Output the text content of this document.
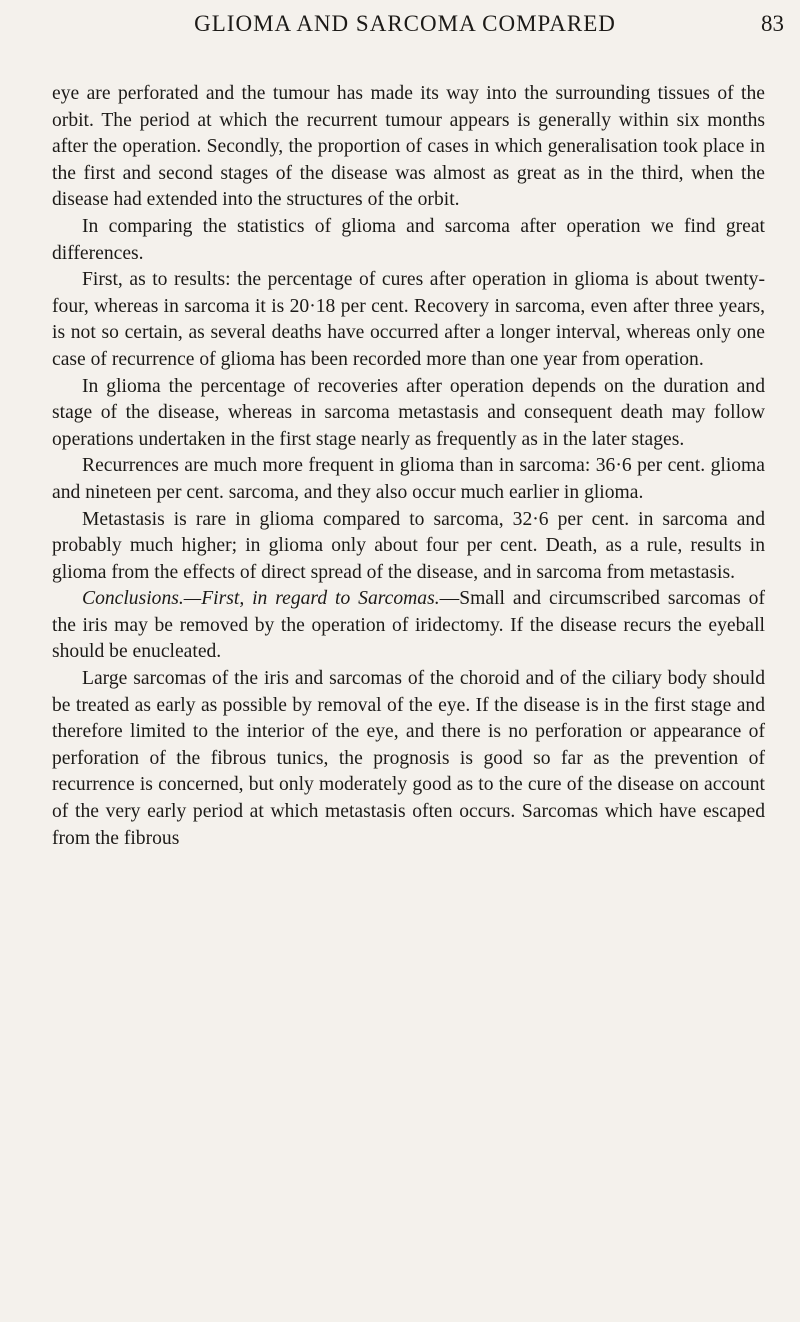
GLIOMA AND SARCOMA COMPARED	83

eye are perforated and the tumour has made its way into the surrounding tissues of the orbit. The period at which the recurrent tumour appears is generally within six months after the operation. Secondly, the proportion of cases in which generalisation took place in the first and second stages of the disease was almost as great as in the third, when the disease had extended into the structures of the orbit.

In comparing the statistics of glioma and sarcoma after operation we find great differences.

First, as to results: the percentage of cures after operation in glioma is about twenty-four, whereas in sarcoma it is 20·18 per cent. Recovery in sarcoma, even after three years, is not so certain, as several deaths have occurred after a longer interval, whereas only one case of recurrence of glioma has been recorded more than one year from operation.

In glioma the percentage of recoveries after operation depends on the duration and stage of the disease, whereas in sarcoma metastasis and consequent death may follow operations undertaken in the first stage nearly as frequently as in the later stages.

Recurrences are much more frequent in glioma than in sarcoma: 36·6 per cent. glioma and nineteen per cent. sarcoma, and they also occur much earlier in glioma.

Metastasis is rare in glioma compared to sarcoma, 32·6 per cent. in sarcoma and probably much higher; in glioma only about four per cent. Death, as a rule, results in glioma from the effects of direct spread of the disease, and in sarcoma from metastasis.

Conclusions.—First, in regard to Sarcomas.—Small and circumscribed sarcomas of the iris may be removed by the operation of iridectomy. If the disease recurs the eyeball should be enucleated.

Large sarcomas of the iris and sarcomas of the choroid and of the ciliary body should be treated as early as possible by removal of the eye. If the disease is in the first stage and therefore limited to the interior of the eye, and there is no perforation or appearance of perforation of the fibrous tunics, the prognosis is good so far as the prevention of recurrence is concerned, but only moderately good as to the cure of the disease on account of the very early period at which metastasis often occurs. Sarcomas which have escaped from the fibrous
